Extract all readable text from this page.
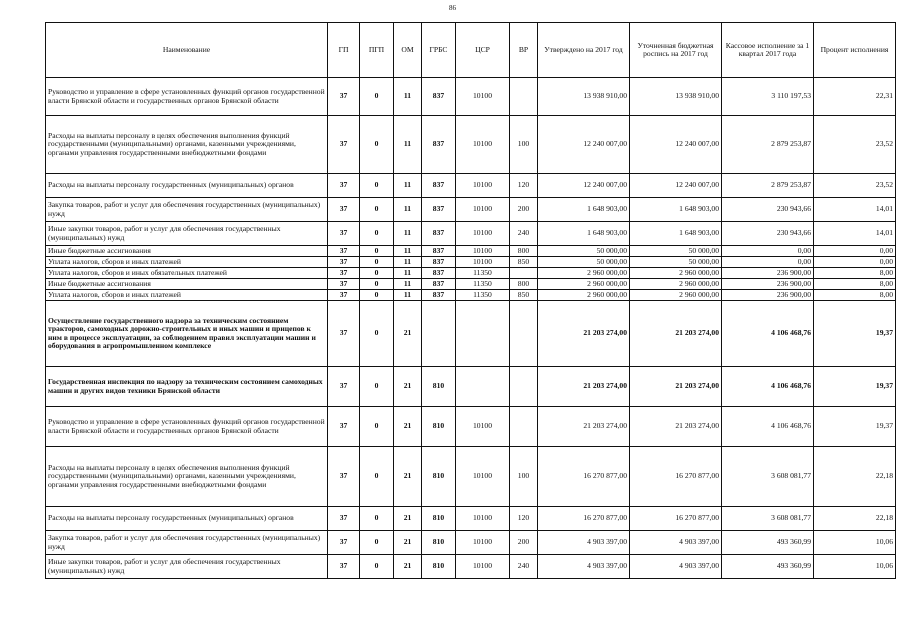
86
Наименование	ГП	ПГП	ОМ	ГРБС	ЦСР	ВР	Утверждено на 2017 год	Уточненная бюджетная роспись на 2017 год	Кассовое исполнение за 1 квартал 2017 года	Процент исполнения
Руководство и управление в сфере установленных функций органов государственной власти Брянской области и государственных органов Брянской области	37	0	11	837	10100		13 938 910,00	13 938 910,00	3 110 197,53	22,31
Расходы на выплаты персоналу в целях обеспечения выполнения функций государственными (муниципальными) органами, казенными учреждениями, органами управления государственными внебюджетными фондами	37	0	11	837	10100	100	12 240 007,00	12 240 007,00	2 879 253,87	23,52
Расходы на выплаты персоналу государственных (муниципальных) органов	37	0	11	837	10100	120	12 240 007,00	12 240 007,00	2 879 253,87	23,52
Закупка товаров, работ и услуг для обеспечения государственных (муниципальных) нужд	37	0	11	837	10100	200	1 648 903,00	1 648 903,00	230 943,66	14,01
Иные закупки товаров, работ и услуг для обеспечения государственных (муниципальных) нужд	37	0	11	837	10100	240	1 648 903,00	1 648 903,00	230 943,66	14,01
Иные бюджетные ассигнования	37	0	11	837	10100	800	50 000,00	50 000,00	0,00	0,00
Уплата налогов, сборов и иных платежей	37	0	11	837	10100	850	50 000,00	50 000,00	0,00	0,00
Уплата налогов, сборов и иных обязательных платежей	37	0	11	837	11350		2 960 000,00	2 960 000,00	236 900,00	8,00
Иные бюджетные ассигнования	37	0	11	837	11350	800	2 960 000,00	2 960 000,00	236 900,00	8,00
Уплата налогов, сборов и иных платежей	37	0	11	837	11350	850	2 960 000,00	2 960 000,00	236 900,00	8,00
Осуществление государственного надзора за техническим состоянием тракторов, самоходных дорожно-строительных и иных машин и прицепов к ним в процессе эксплуатации, за соблюдением правил эксплуатации машин и оборудования в агропромышленном комплексе	37	0	21				21 203 274,00	21 203 274,00	4 106 468,76	19,37
Государственная инспекция по надзору за техническим состоянием самоходных машин и других видов техники Брянской области	37	0	21	810			21 203 274,00	21 203 274,00	4 106 468,76	19,37
Руководство и управление в сфере установленных функций органов государственной власти Брянской области и государственных органов Брянской области	37	0	21	810	10100		21 203 274,00	21 203 274,00	4 106 468,76	19,37
Расходы на выплаты персоналу в целях обеспечения выполнения функций государственными (муниципальными) органами, казенными учреждениями, органами управления государственными внебюджетными фондами	37	0	21	810	10100	100	16 270 877,00	16 270 877,00	3 608 081,77	22,18
Расходы на выплаты персоналу государственных (муниципальных) органов	37	0	21	810	10100	120	16 270 877,00	16 270 877,00	3 608 081,77	22,18
Закупка товаров, работ и услуг для обеспечения государственных (муниципальных) нужд	37	0	21	810	10100	200	4 903 397,00	4 903 397,00	493 360,99	10,06
Иные закупки товаров, работ и услуг для обеспечения государственных (муниципальных) нужд	37	0	21	810	10100	240	4 903 397,00	4 903 397,00	493 360,99	10,06
